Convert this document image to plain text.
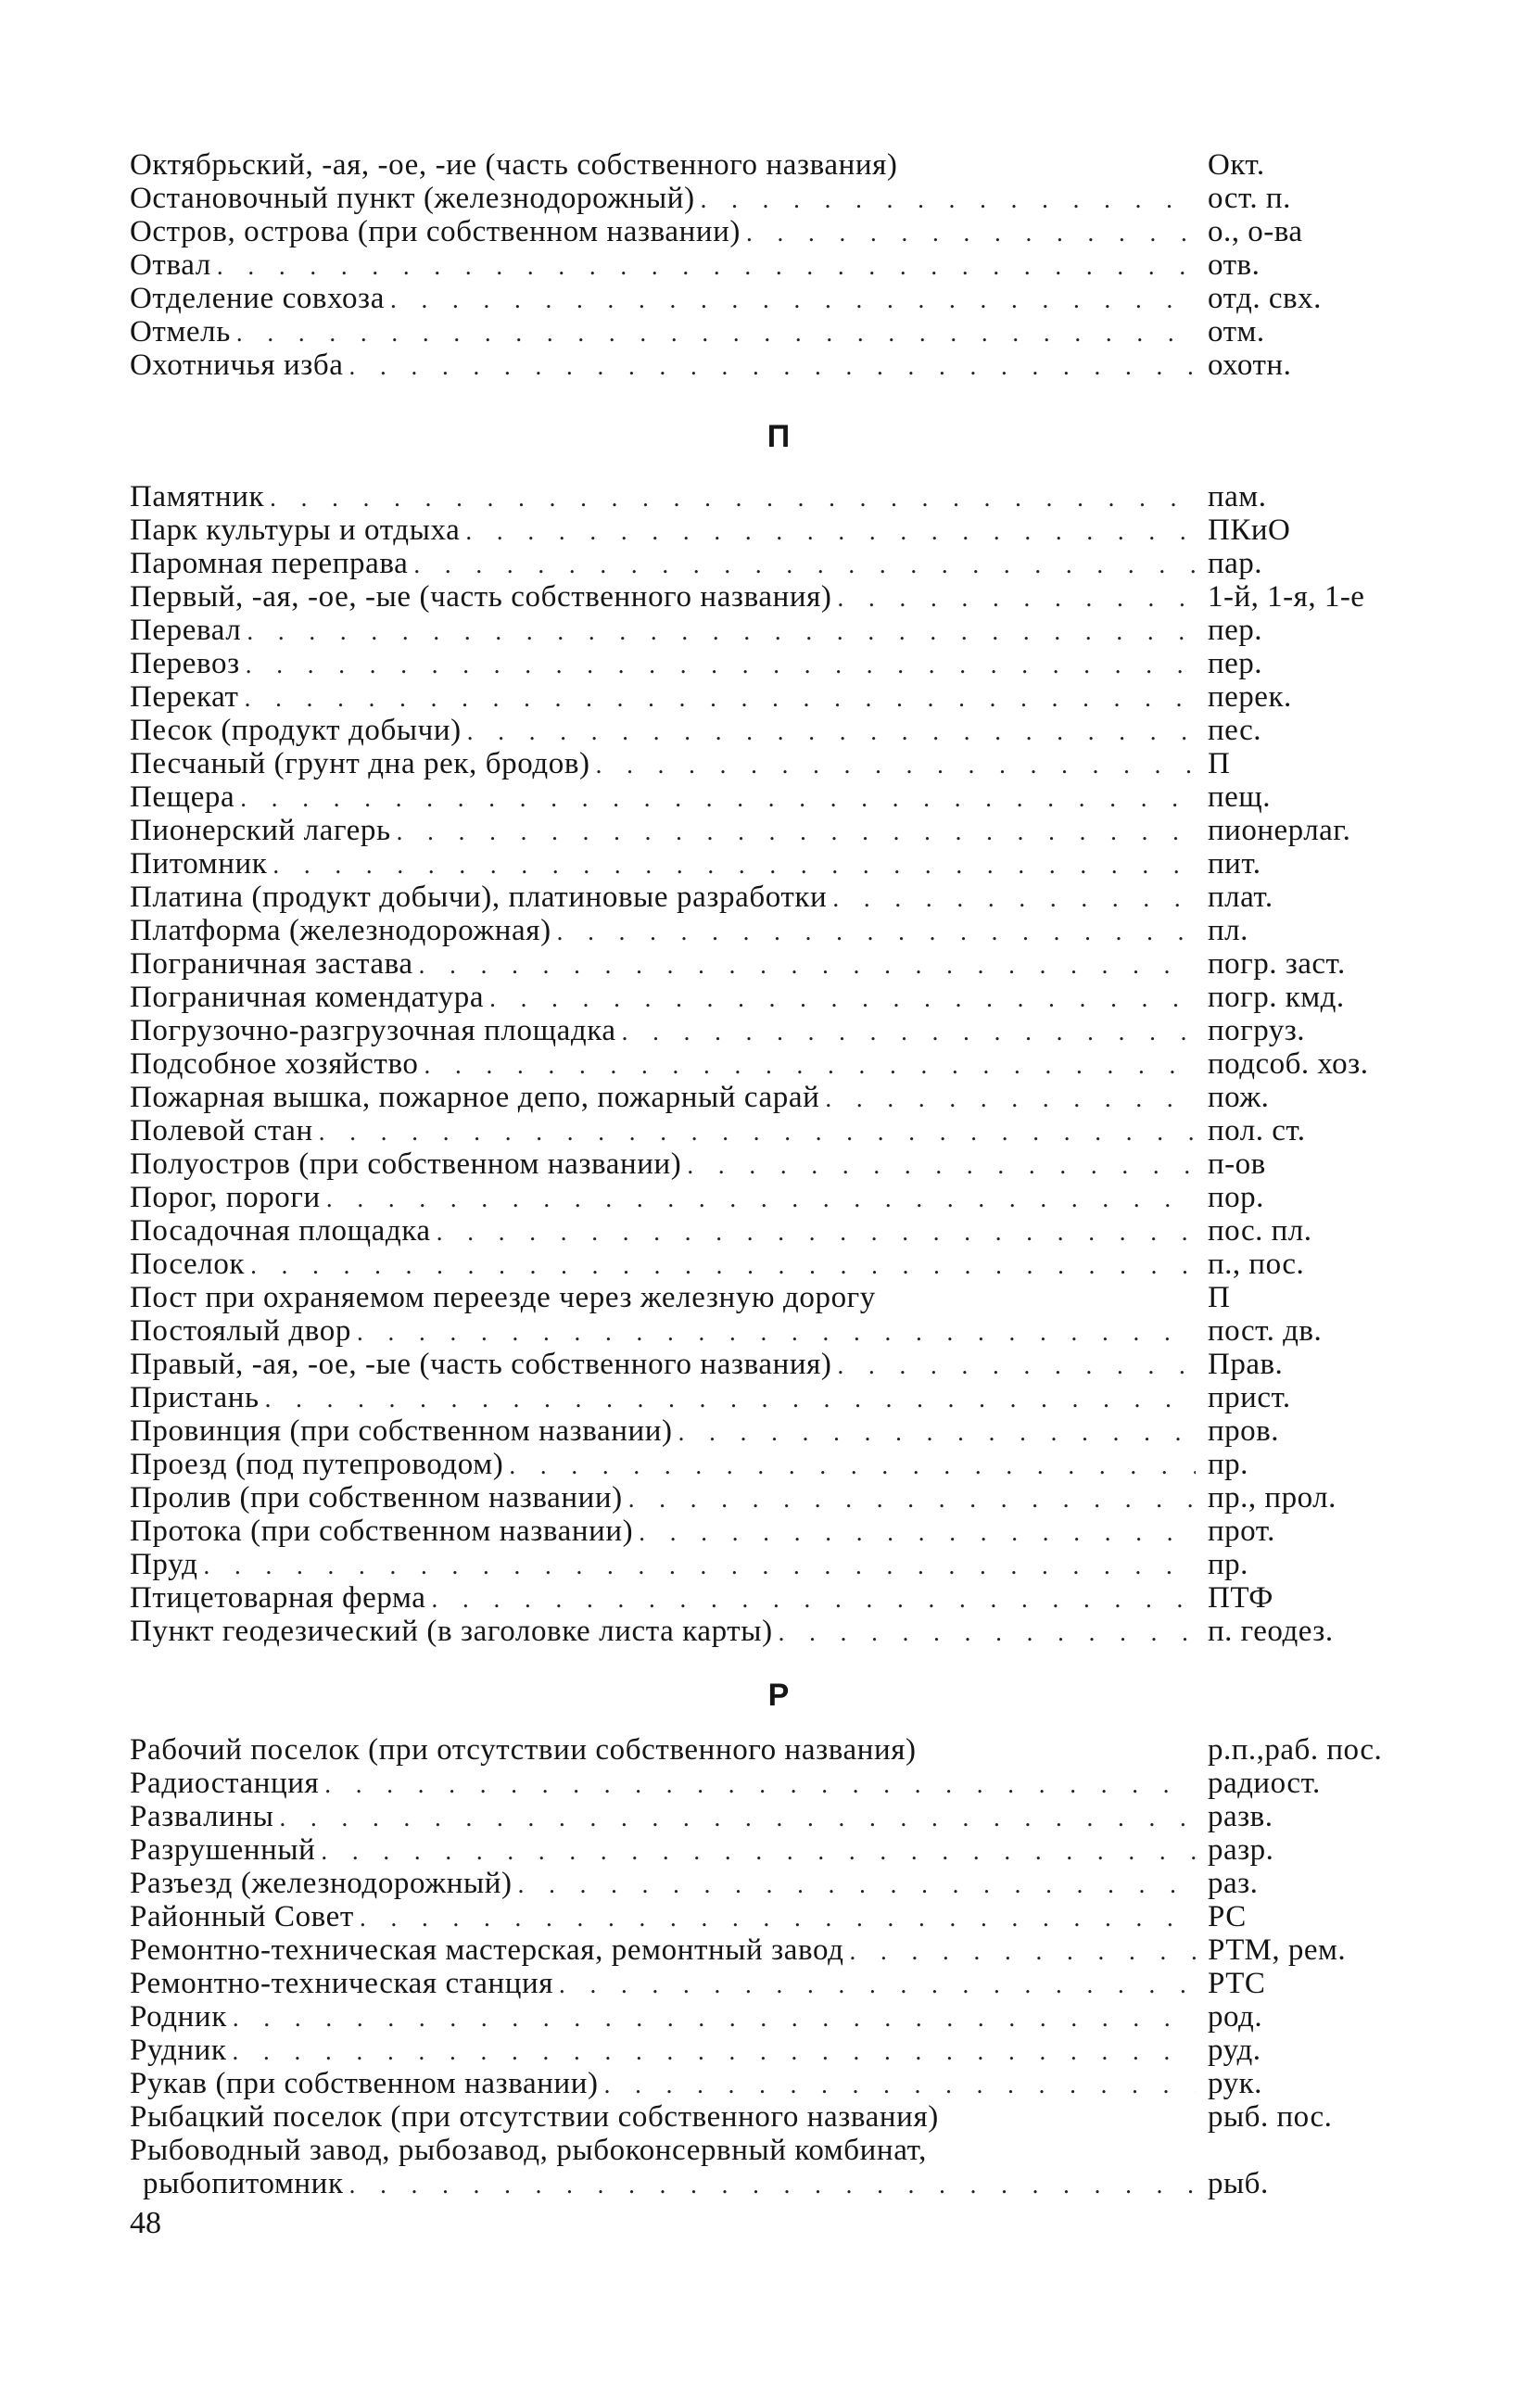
Октябрьский, -ая, -ое, -ие (часть собственного названия)	Окт.
Остановочный пункт (железнодорожный) . . .	ост. п.
Остров, острова (при собственном названии) . . .	о., о-ва
Отвал . . .	отв.
Отделение совхоза . . .	отд. свх.
Отмель . . .	отм.
Охотничья изба . . .	охотн.
П
Памятник . . .	пам.
Парк культуры и отдыха . . .	ПКиО
Паромная переправа . . .	пар.
Первый, -ая, -ое, -ые (часть собственного названия) . . .	1-й, 1-я, 1-е
Перевал . . .	пер.
Перевоз . . .	пер.
Перекат . . .	перек.
Песок (продукт добычи) . . .	пес.
Песчаный (грунт дна рек, бродов) . . .	П
Пещера . . .	пещ.
Пионерский лагерь . . .	пионерлаг.
Питомник . . .	пит.
Платина (продукт добычи), платиновые разработки . . .	плат.
Платформа (железнодорожная) . . .	пл.
Пограничная застава . . .	погр. заст.
Пограничная комендатура . . .	погр. кмд.
Погрузочно-разгрузочная площадка . . .	погруз.
Подсобное хозяйство . . .	подсоб. хоз.
Пожарная вышка, пожарное депо, пожарный сарай . . .	пож.
Полевой стан . . .	пол. ст.
Полуостров (при собственном названии) . . .	п-ов
Порог, пороги . . .	пор.
Посадочная площадка . . .	пос. пл.
Поселок . . .	п., пос.
Пост при охраняемом переезде через железную дорогу	П
Постоялый двор . . .	пост. дв.
Правый, -ая, -ое, -ые (часть собственного названия) . . .	Прав.
Пристань . . .	прист.
Провинция (при собственном названии) . . .	пров.
Проезд (под путепроводом) . . .	пр.
Пролив (при собственном названии) . . .	пр., прол.
Протока (при собственном названии) . . .	прот.
Пруд . . .	пр.
Птицетоварная ферма . . .	ПТФ
Пункт геодезический (в заголовке листа карты) . . .	п. геодез.
Р
Рабочий поселок (при отсутствии собственного названия)	р.п.,раб. пос.
Радиостанция . . .	радиост.
Развалины . . .	разв.
Разрушенный . . .	разр.
Разъезд (железнодорожный) . . .	раз.
Районный Совет . . .	РС
Ремонтно-техническая мастерская, ремонтный завод . . .	РТМ, рем.
Ремонтно-техническая станция . . .	РТС
Родник . . .	род.
Рудник . . .	руд.
Рукав (при собственном названии) . . .	рук.
Рыбацкий поселок (при отсутствии собственного названия)	рыб. пос.
Рыбоводный завод, рыбозавод, рыбоконсервный комбинат,
рыбопитомник . . .	рыб.
48
